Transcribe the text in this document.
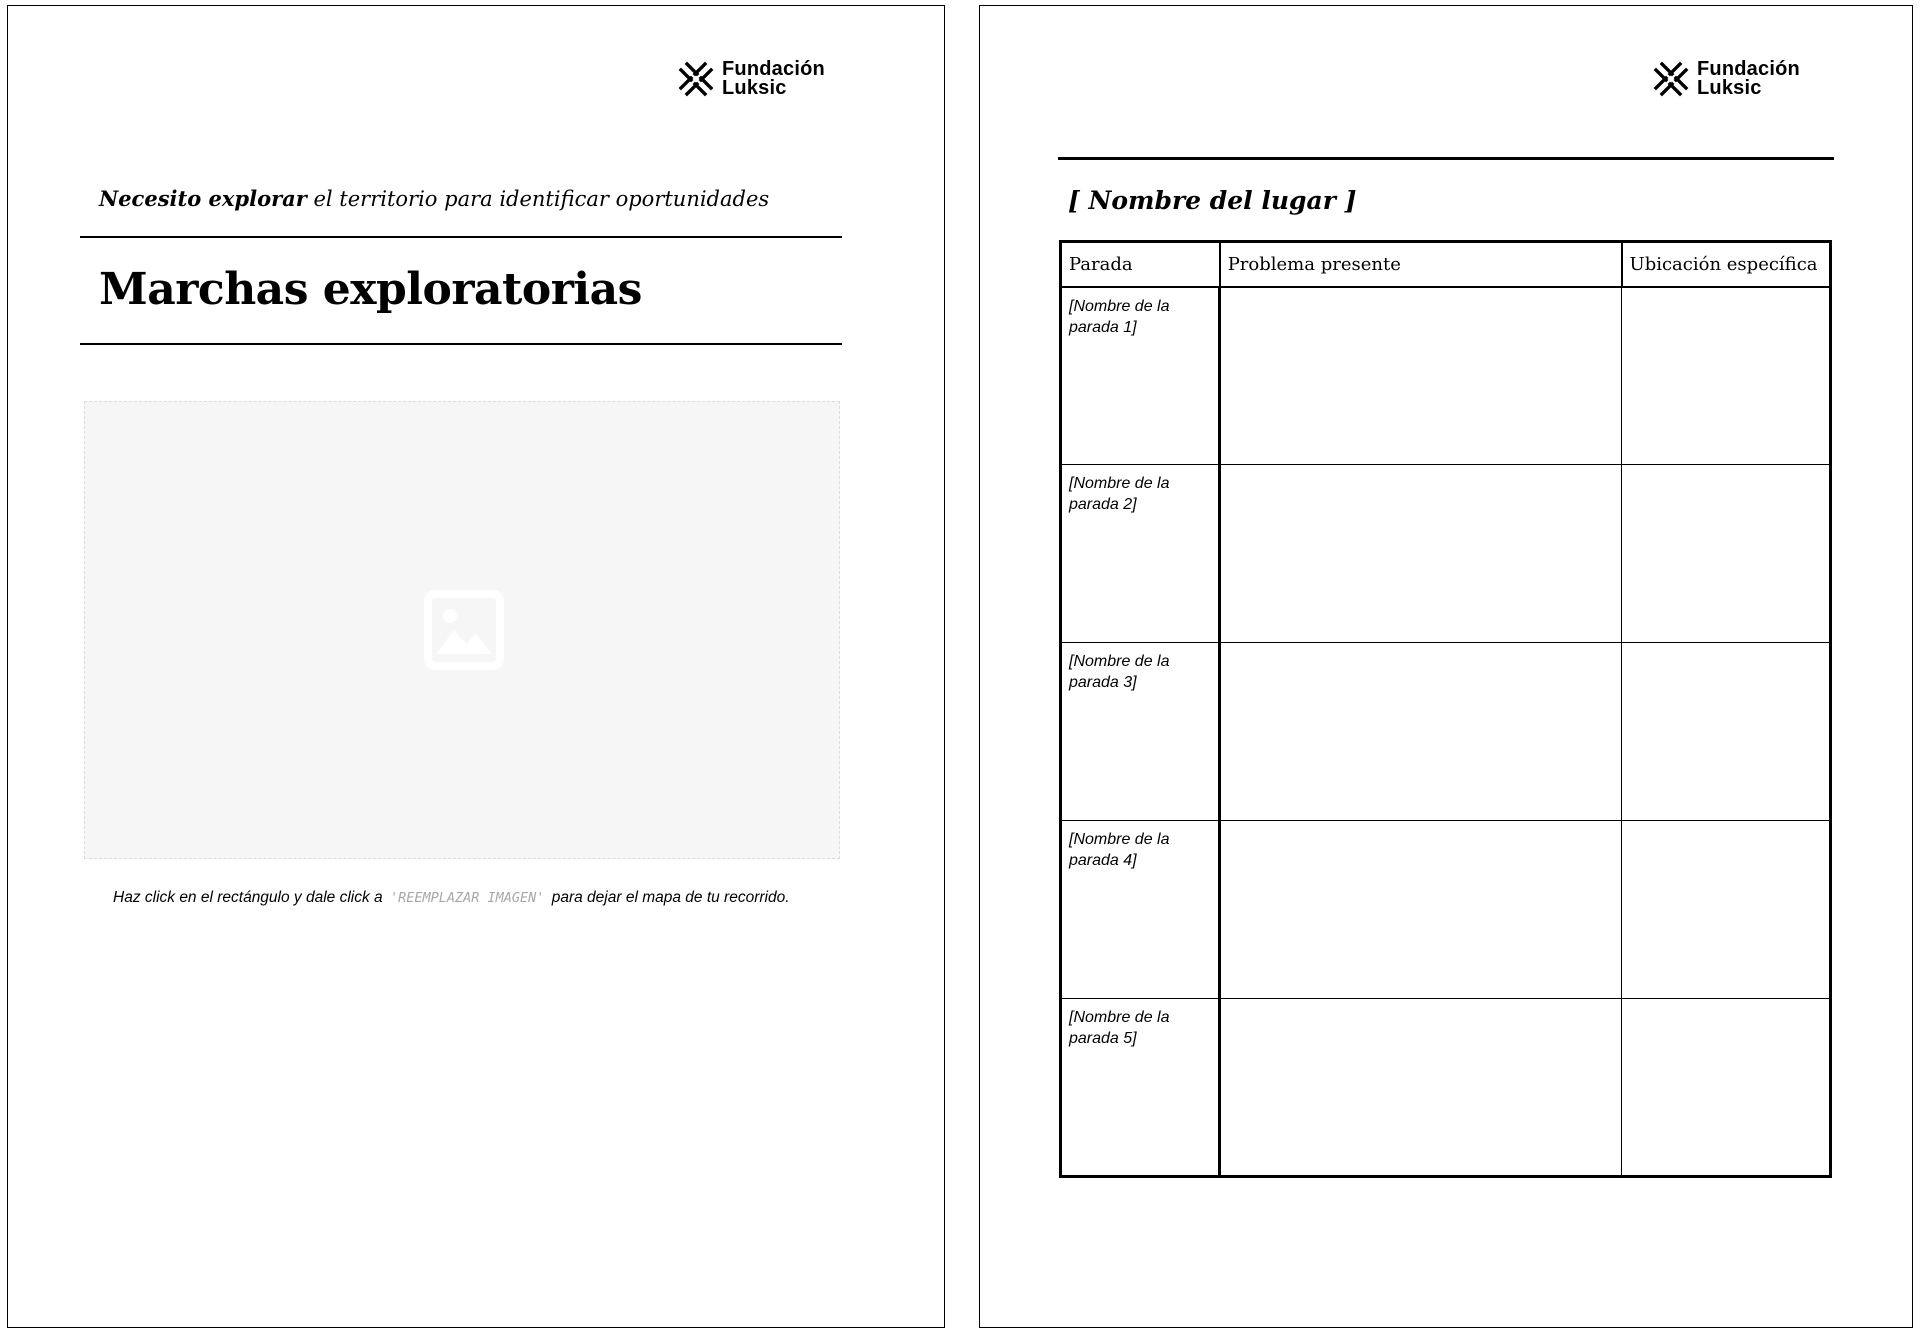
Fundación
Luksic
Necesito explorar el territorio para identificar oportunidades
Marchas exploratorias
Haz click en el rectángulo y dale click a 'REEMPLAZAR IMAGEN' para dejar el mapa de tu recorrido.
Fundación
Luksic
[ Nombre del lugar ]
Parada	Problema presente	Ubicación específica
[Nombre de la parada 1]		
[Nombre de la parada 2]		
[Nombre de la parada 3]		
[Nombre de la parada 4]		
[Nombre de la parada 5]		
